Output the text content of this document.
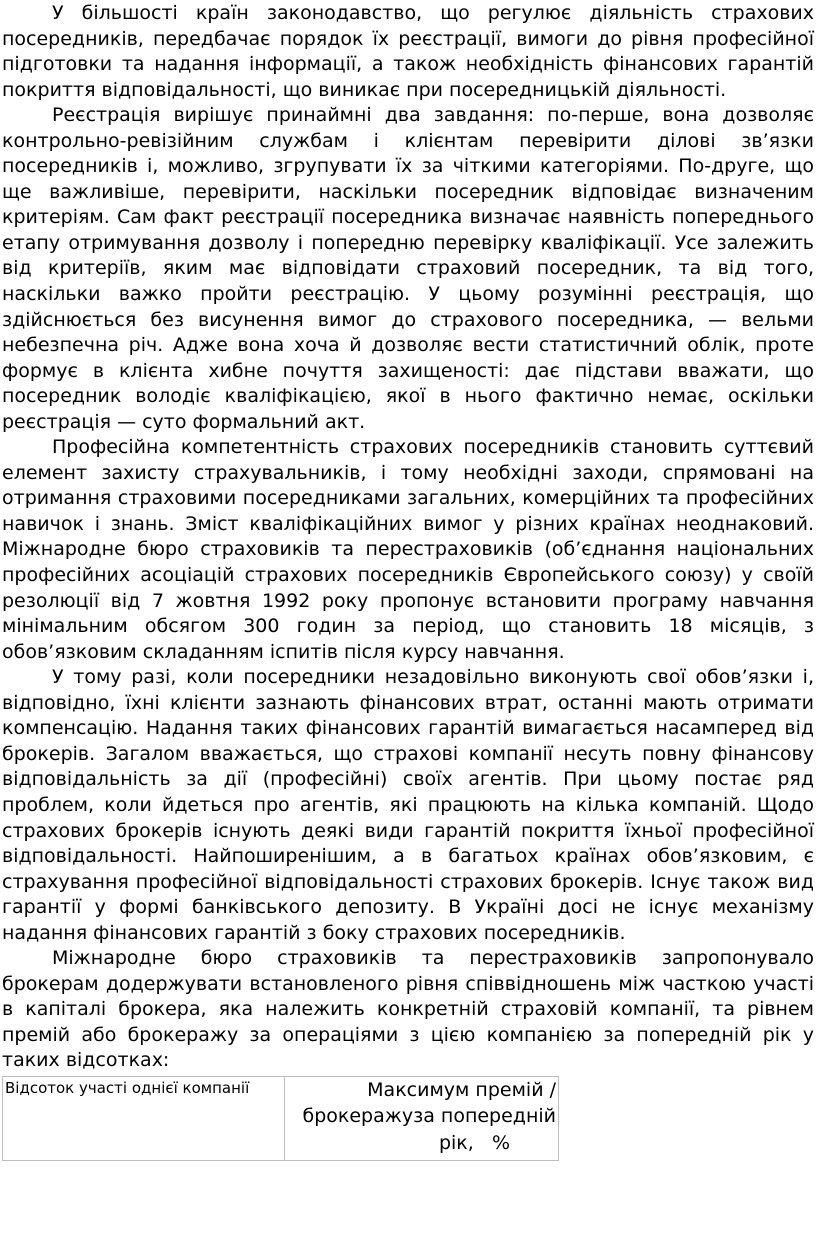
У більшості країн законодавство, що регулює діяльність страхових посередників, передбачає порядок їх реєстрації, вимоги до рівня професійної підготовки та надання інформації, а також необхідність фінансових гарантій покриття відповідальності, що виникає при посередницькій діяльності.

Реєстрація вирішує принаймні два завдання: по-перше, вона дозволяє контрольно-ревізійним службам і клієнтам перевірити ділові зв’язки посередників і, можливо, згрупувати їх за чіткими категоріями. По-друге, що ще важливіше, перевірити, наскільки посередник відповідає визначеним критеріям. Сам факт реєстрації посередника визначає наявність попереднього етапу отримування дозволу і попередню перевірку кваліфікації. Усе залежить від критеріїв, яким має відповідати страховий посередник, та від того, наскільки важко пройти реєстрацію. У цьому розумінні реєстрація, що здійснюється без висунення вимог до страхового посередника, — вельми небезпечна річ. Адже вона хоча й дозволяє вести статистичний облік, проте формує в клієнта хибне почуття захищеності: дає підстави вважати, що посередник володіє кваліфікацією, якої в нього фактично немає, оскільки реєстрація — суто формальний акт.

Професійна компетентність страхових посередників становить суттєвий елемент захисту страхувальників, і тому необхідні заходи, спрямовані на отримання страховими посередниками загальних, комерційних та професійних навичок і знань. Зміст кваліфікаційних вимог у різних країнах неоднаковий. Міжнародне бюро страховиків та перестраховиків (об’єднання національних професійних асоціацій страхових посередників Європейського союзу) у своїй резолюції від 7 жовтня 1992 року пропонує встановити програму навчання мінімальним обсягом 300 годин за період, що становить 18 місяців, з обов’язковим складанням іспитів після курсу навчання.

У тому разі, коли посередники незадовільно виконують свої обов’язки і, відповідно, їхні клієнти зазнають фінансових втрат, останні мають отримати компенсацію. Надання таких фінансових гарантій вимагається насамперед від брокерів. Загалом вважається, що страхові компанії несуть повну фінансову відповідальність за дії (професійні) своїх агентів. При цьому постає ряд проблем, коли йдеться про агентів, які працюють на кілька компаній. Щодо страхових брокерів існують деякі види гарантій покриття їхньої професійної відповідальності. Найпоширенішим, а в багатьох країнах обов’язковим, є страхування професійної відповідальності страхових брокерів. Існує також вид гарантії у формі банківського депозиту. В Україні досі не існує механізму надання фінансових гарантій з боку страхових посередників.

Міжнародне бюро страховиків та перестраховиків запропонувало брокерам додержувати встановленого рівня співвідношень між часткою участі в капіталі брокера, яка належить конкретній страховій компанії, та рівнем премій або брокеражу за операціями з цією компанією за попередній рік у таких відсотках:

Відсоток участі однієї компанії	Максимум премій /
брокеражуза попередній
рік,   %
